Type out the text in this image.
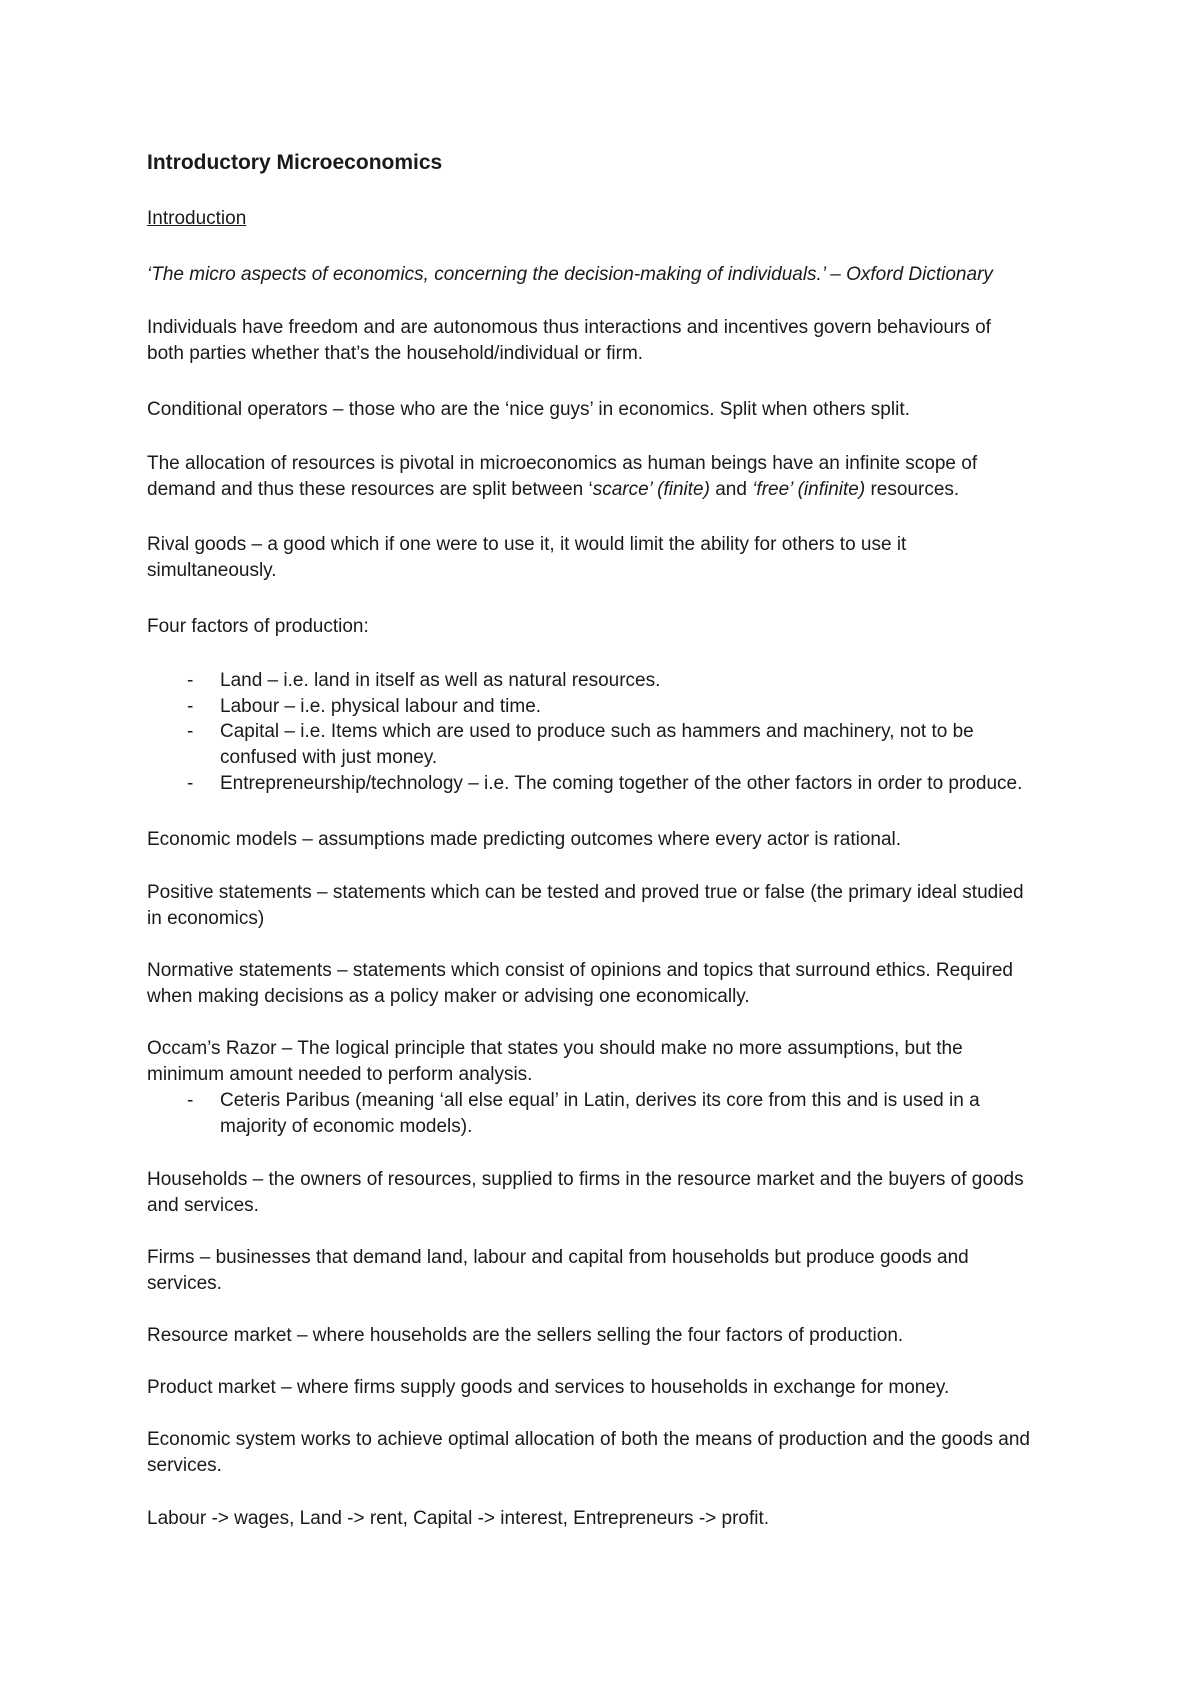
Introductory Microeconomics
Introduction
‘The micro aspects of economics, concerning the decision-making of individuals.’ – Oxford Dictionary
Individuals have freedom and are autonomous thus interactions and incentives govern behaviours of
both parties whether that’s the household/individual or firm.
Conditional operators – those who are the ‘nice guys’ in economics. Split when others split.
The allocation of resources is pivotal in microeconomics as human beings have an infinite scope of
demand and thus these resources are split between ‘scarce’ (finite) and ‘free’ (infinite) resources.
Rival goods – a good which if one were to use it, it would limit the ability for others to use it
simultaneously.
Four factors of production:
- Land – i.e. land in itself as well as natural resources.
- Labour – i.e. physical labour and time.
- Capital – i.e. Items which are used to produce such as hammers and machinery, not to be
confused with just money.
- Entrepreneurship/technology – i.e. The coming together of the other factors in order to produce.
Economic models – assumptions made predicting outcomes where every actor is rational.
Positive statements – statements which can be tested and proved true or false (the primary ideal studied
in economics)
Normative statements – statements which consist of opinions and topics that surround ethics. Required
when making decisions as a policy maker or advising one economically.
Occam’s Razor – The logical principle that states you should make no more assumptions, but the
minimum amount needed to perform analysis.
- Ceteris Paribus (meaning ‘all else equal’ in Latin, derives its core from this and is used in a
majority of economic models).
Households – the owners of resources, supplied to firms in the resource market and the buyers of goods
and services.
Firms – businesses that demand land, labour and capital from households but produce goods and
services.
Resource market – where households are the sellers selling the four factors of production.
Product market – where firms supply goods and services to households in exchange for money.
Economic system works to achieve optimal allocation of both the means of production and the goods and
services.
Labour -> wages, Land -> rent, Capital -> interest, Entrepreneurs -> profit.
